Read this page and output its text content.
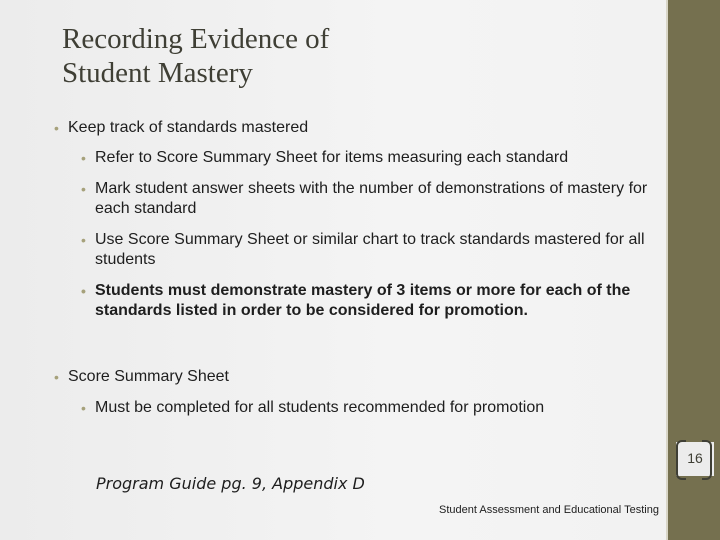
Recording Evidence of
Student Mastery
• Keep track of standards mastered
• Refer to Score Summary Sheet for items measuring each standard
• Mark student answer sheets with the number of demonstrations of mastery for each standard
• Use Score Summary Sheet or similar chart to track standards mastered for all students
• Students must demonstrate mastery of 3 items or more for each of the standards listed in order to be considered for promotion.
• Score Summary Sheet
• Must be completed for all students recommended for promotion
Program Guide pg. 9, Appendix D
Student Assessment and Educational Testing
16
